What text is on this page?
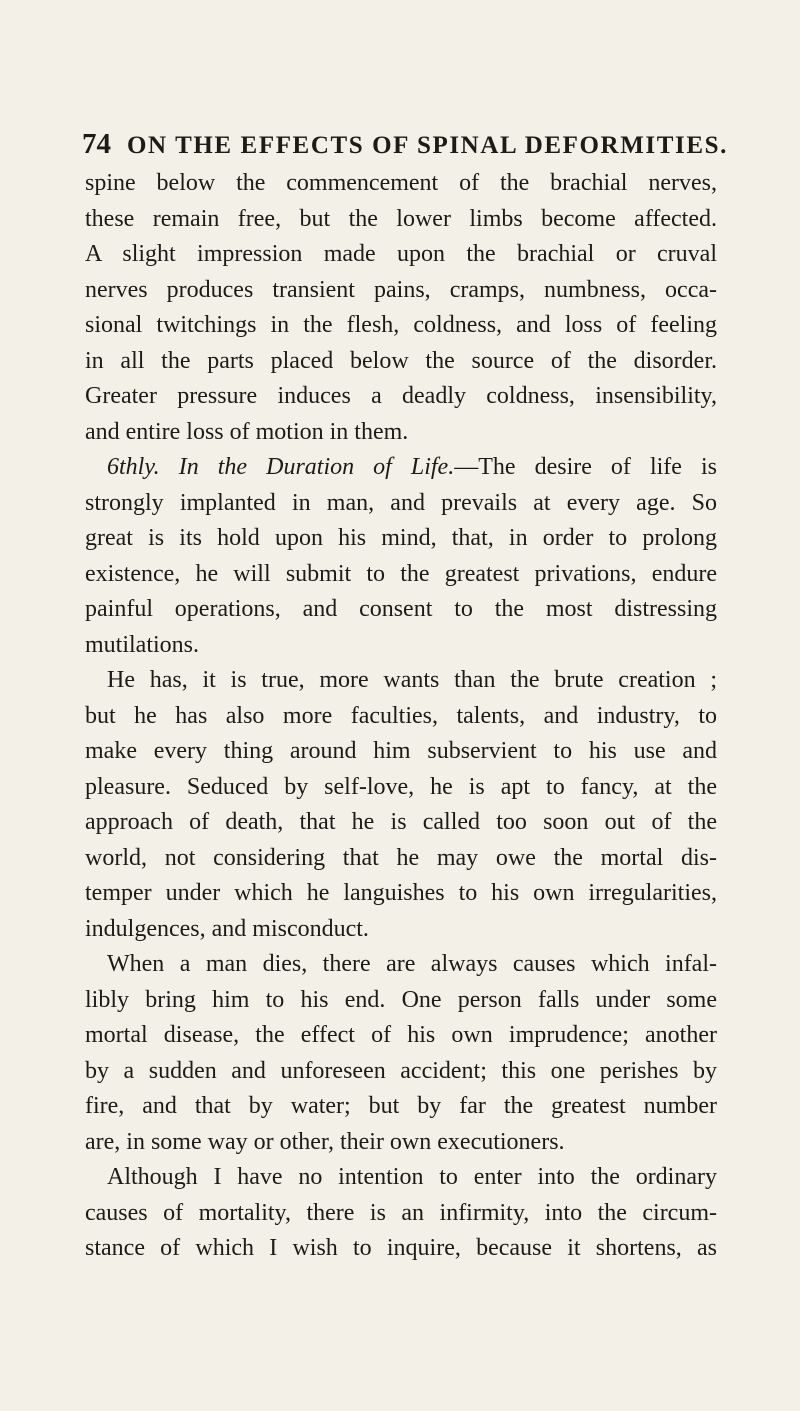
74 ON THE EFFECTS OF SPINAL DEFORMITIES.
spine below the commencement of the brachial nerves,
these remain free, but the lower limbs become affected.
A slight impression made upon the brachial or cruval
nerves produces transient pains, cramps, numbness, occa-
sional twitchings in the flesh, coldness, and loss of feeling
in all the parts placed below the source of the disorder.
Greater pressure induces a deadly coldness, insensibility,
and entire loss of motion in them.
6thly. In the Duration of Life.—The desire of life is
strongly implanted in man, and prevails at every age. So
great is its hold upon his mind, that, in order to prolong
existence, he will submit to the greatest privations, endure
painful operations, and consent to the most distressing
mutilations.
He has, it is true, more wants than the brute creation ;
but he has also more faculties, talents, and industry, to
make every thing around him subservient to his use and
pleasure. Seduced by self-love, he is apt to fancy, at the
approach of death, that he is called too soon out of the
world, not considering that he may owe the mortal dis-
temper under which he languishes to his own irregularities,
indulgences, and misconduct.
When a man dies, there are always causes which infal-
libly bring him to his end. One person falls under some
mortal disease, the effect of his own imprudence; another
by a sudden and unforeseen accident; this one perishes by
fire, and that by water; but by far the greatest number
are, in some way or other, their own executioners.
Although I have no intention to enter into the ordinary
causes of mortality, there is an infirmity, into the circum-
stance of which I wish to inquire, because it shortens, as
